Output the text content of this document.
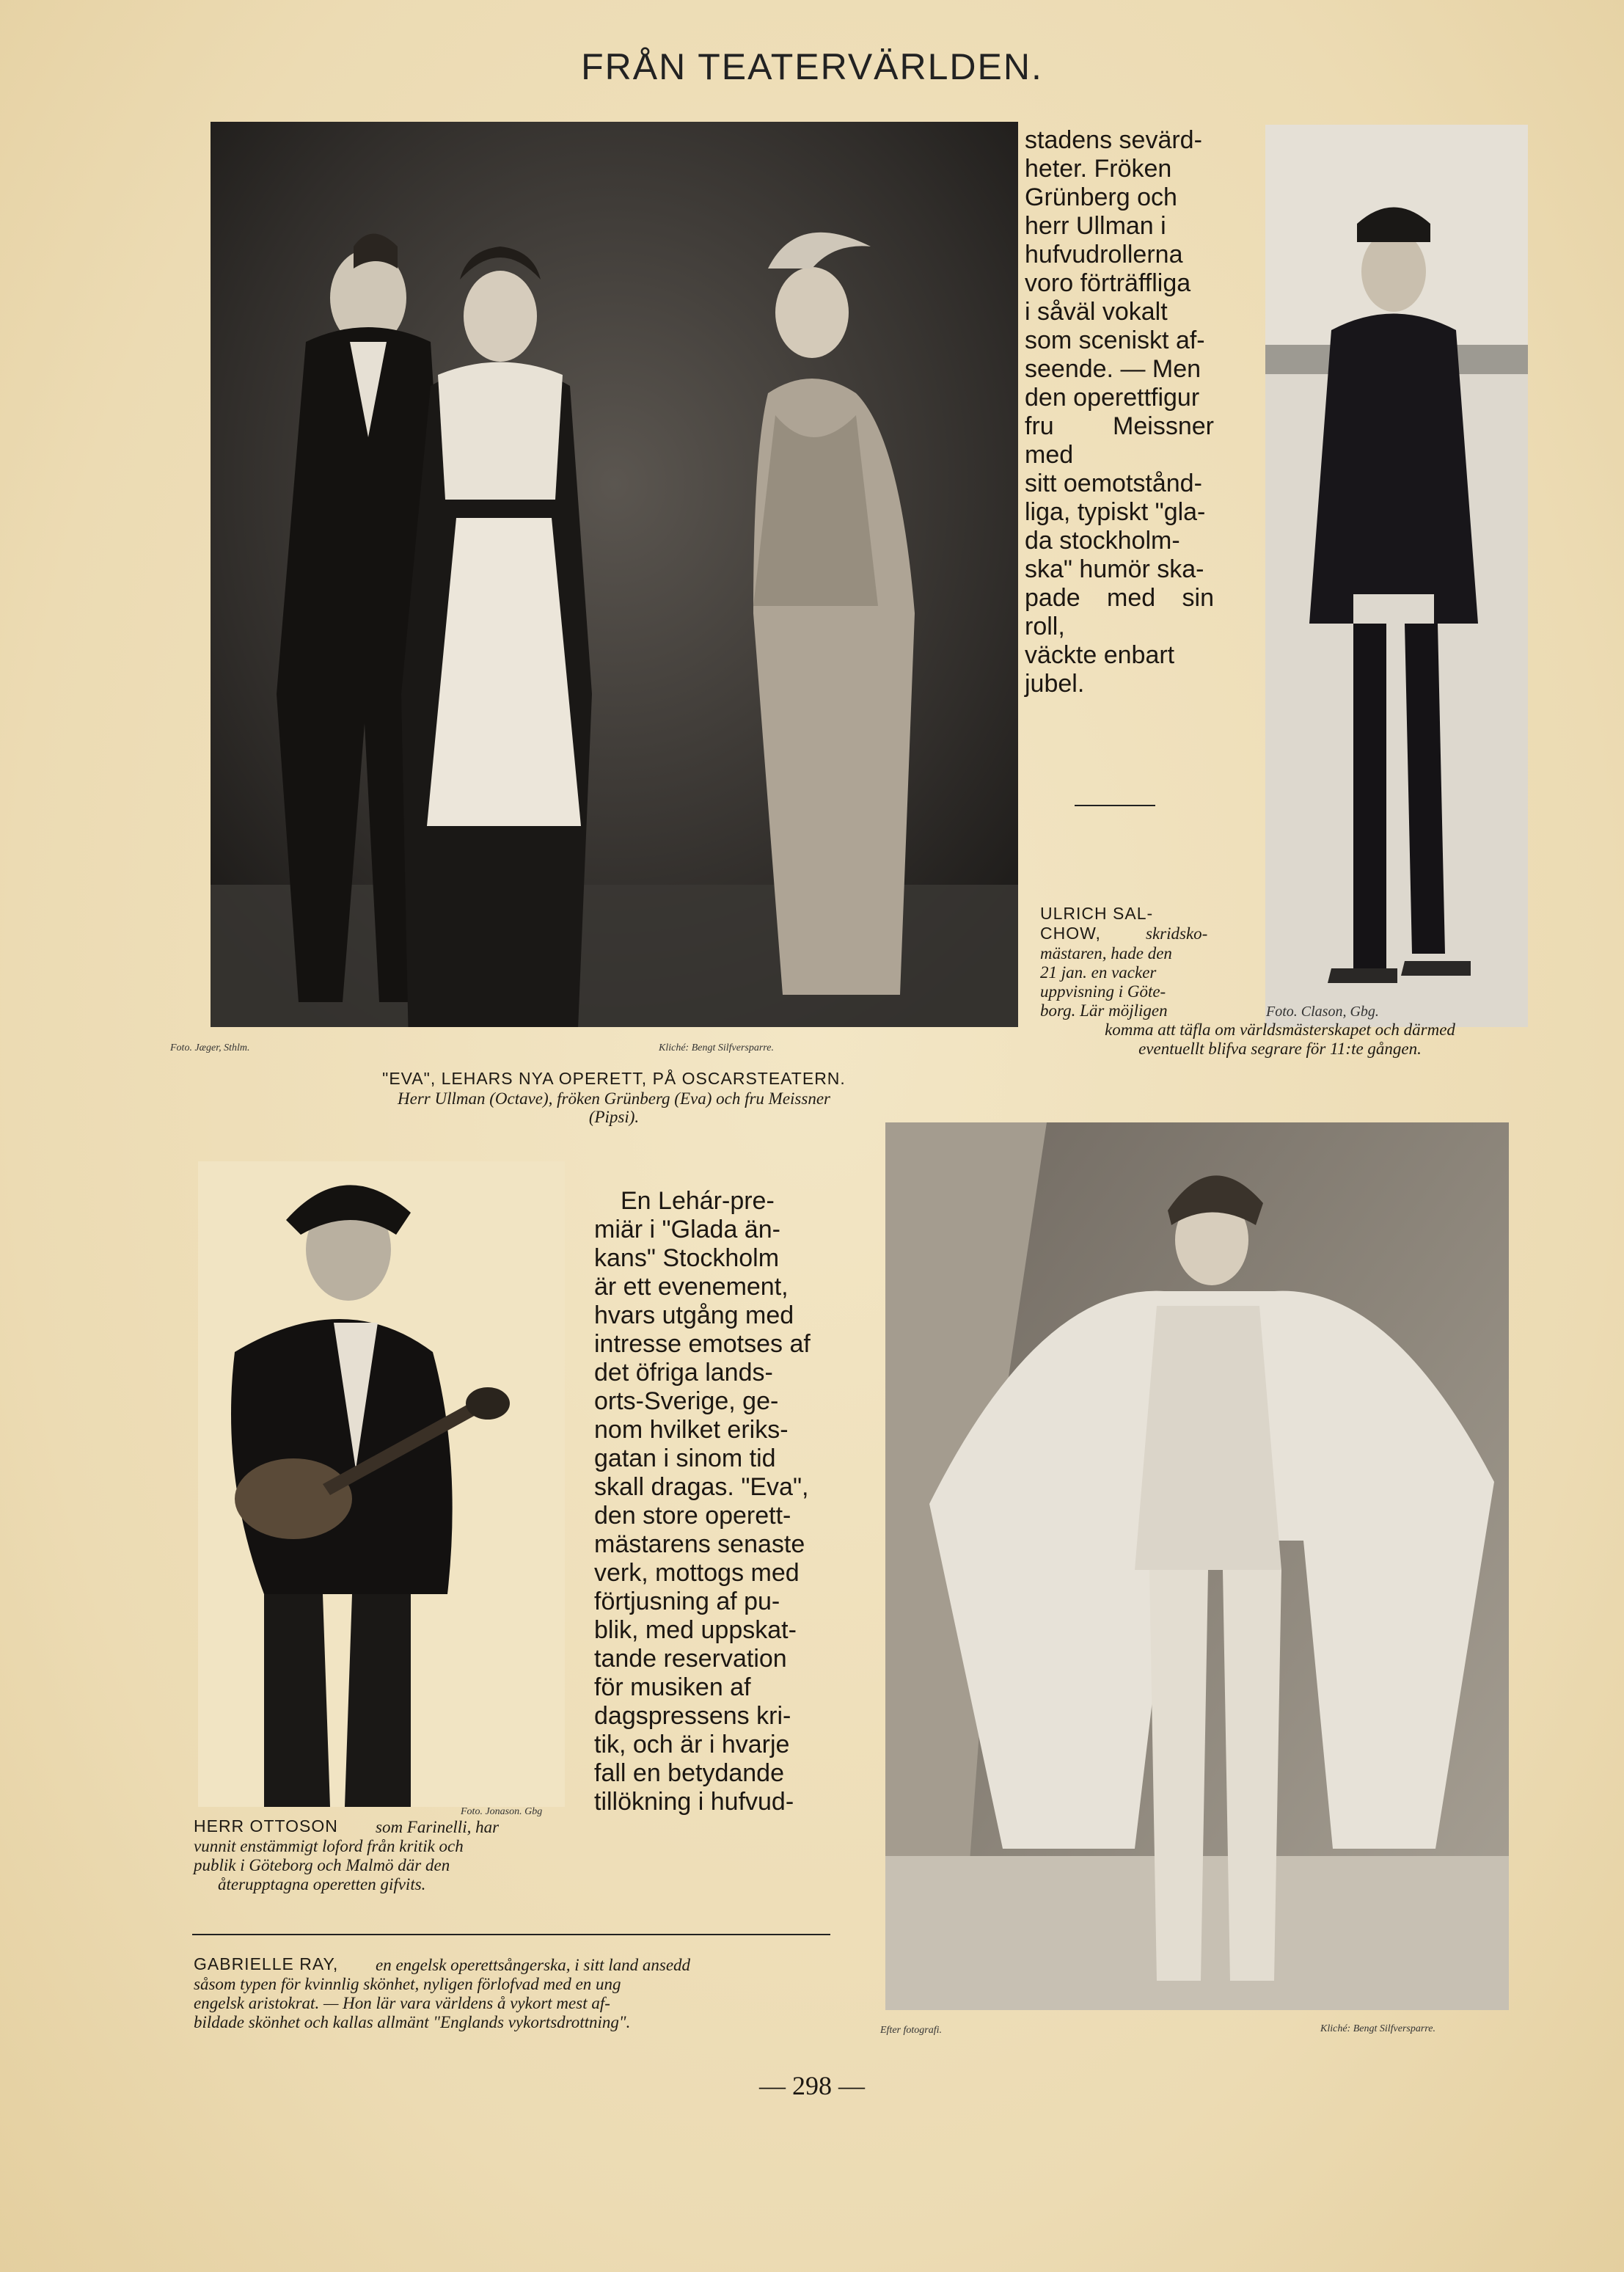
FRÅN TEATERVÄRLDEN.
Foto. Jæger, Sthlm.	Kliché: Bengt Silfversparre.
"EVA", LEHARS NYA OPERETT, PÅ OSCARSTEATERN.
Herr Ullman (Octave), fröken Grünberg (Eva) och fru Meissner
(Pipsi).
stadens sevärd-
heter. Fröken
Grünberg och
herr Ullman i
hufvudrollerna
voro förträffliga
i såväl vokalt
som sceniskt af-
seende. — Men
den operettfigur
fru Meissner med
sitt oemotstånd-
liga, typiskt "gla-
da stockholm-
ska" humör ska-
pade med sin roll,
väckte enbart
jubel.
ULRICH SAL-
CHOW,	skridsko-
mästaren, hade den
21 jan. en vacker
uppvisning i Göte-
borg. Lär möjligen	Foto. Clason, Gbg.
komma att täfla om världsmästerskapet och därmed
eventuellt blifva segrare för 11:te gången.
Foto. Jonason. Gbg
HERR OTTOSON som Farinelli, har
vunnit enstämmigt loford från kritik och
publik i Göteborg och Malmö där den
återupptagna operetten gifvits.
En Lehár-pre-
miär i "Glada än-
kans" Stockholm
är ett evenement,
hvars utgång med
intresse emotses af
det öfriga lands-
orts-Sverige, ge-
nom hvilket eriks-
gatan i sinom tid
skall dragas. "Eva",
den store operett-
mästarens senaste
verk, mottogs med
förtjusning af pu-
blik, med uppskat-
tande reservation
för musiken af
dagspressens kri-
tik, och är i hvarje
fall en betydande
tillökning i hufvud-
Efter fotografi.	Kliché: Bengt Silfversparre.
GABRIELLE RAY, en engelsk operettsångerska, i sitt land ansedd
såsom typen för kvinnlig skönhet, nyligen förlofvad med en ung
engelsk aristokrat. — Hon lär vara världens å vykort mest af-
bildade skönhet och kallas allmänt "Englands vykortsdrottning".
— 298 —
